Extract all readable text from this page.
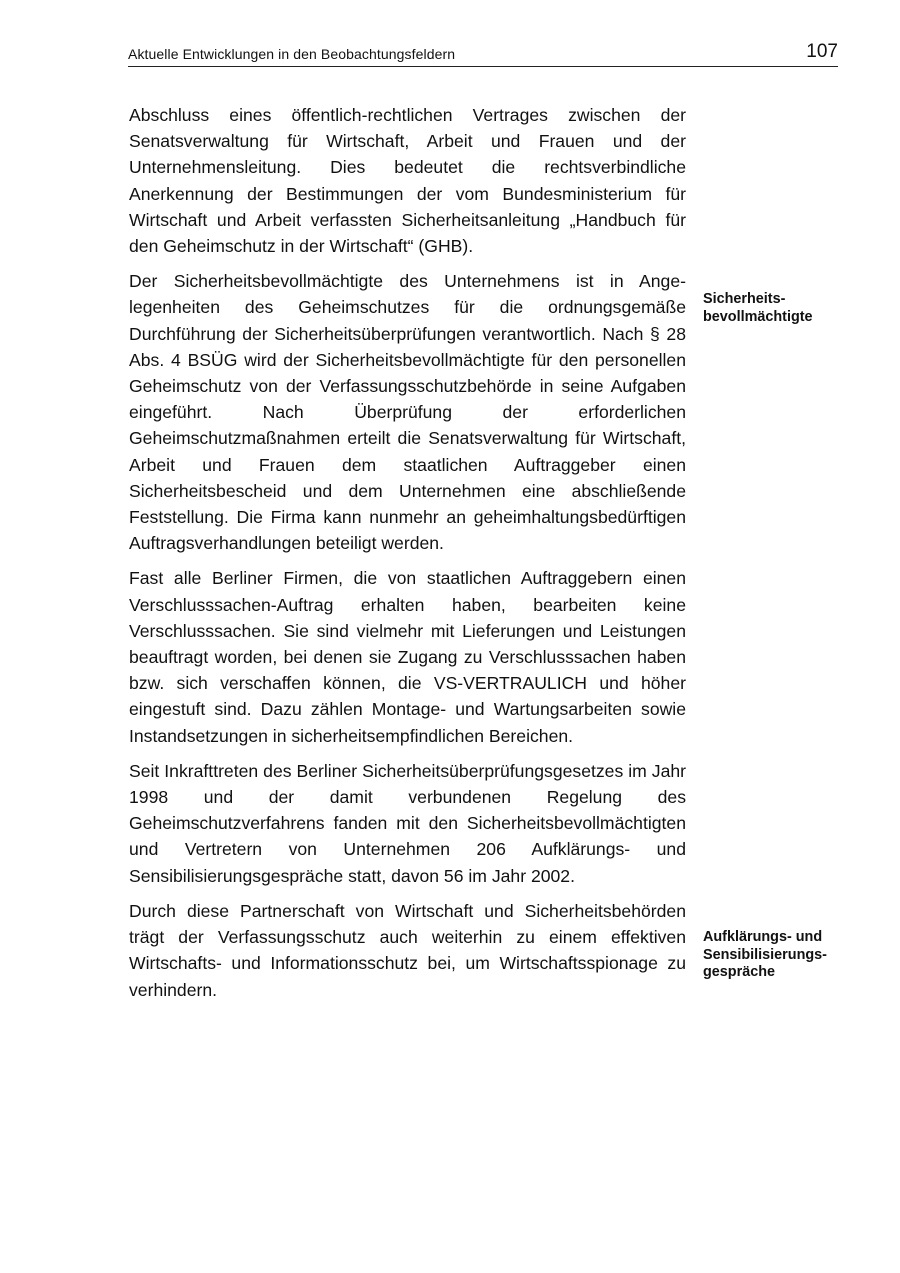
Aktuelle Entwicklungen in den Beobachtungsfeldern	107

Abschluss eines öffentlich-rechtlichen Vertrages zwischen der Senatsverwaltung für Wirtschaft, Arbeit und Frauen und der Unternehmensleitung. Dies bedeutet die rechtsverbindliche Anerkennung der Bestimmungen der vom Bundesministerium für Wirtschaft und Arbeit verfassten Sicherheitsanleitung „Handbuch für den Geheimschutz in der Wirtschaft“ (GHB).

Der Sicherheitsbevollmächtigte des Unternehmens ist in Angelegenheiten des Geheimschutzes für die ordnungsgemäße Durchführung der Sicherheitsüberprüfungen verantwortlich. Nach § 28 Abs. 4 BSÜG wird der Sicherheitsbevollmächtigte für den personellen Geheimschutz von der Verfassungsschutzbehörde in seine Aufgaben eingeführt. Nach Überprüfung der erforderlichen Geheimschutzmaßnahmen erteilt die Senatsverwaltung für Wirtschaft, Arbeit und Frauen dem staatlichen Auftraggeber einen Sicherheitsbescheid und dem Unternehmen eine abschließende Feststellung. Die Firma kann nunmehr an geheimhaltungsbedürftigen Auftragsverhandlungen beteiligt werden.

Fast alle Berliner Firmen, die von staatlichen Auftraggebern einen Verschlusssachen-Auftrag erhalten haben, bearbeiten keine Verschlusssachen. Sie sind vielmehr mit Lieferungen und Leistungen beauftragt worden, bei denen sie Zugang zu Verschlusssachen haben bzw. sich verschaffen können, die VS-VERTRAULICH und höher eingestuft sind. Dazu zählen Montage- und Wartungsarbeiten sowie Instandsetzungen in sicherheitsempfindlichen Bereichen.

Seit Inkrafttreten des Berliner Sicherheitsüberprüfungsgesetzes im Jahr 1998 und der damit verbundenen Regelung des Geheimschutzverfahrens fanden mit den Sicherheitsbevollmächtigten und Vertretern von Unternehmen 206 Aufklärungs- und Sensibilisierungsgespräche statt, davon 56 im Jahr 2002.

Durch diese Partnerschaft von Wirtschaft und Sicherheitsbehörden trägt der Verfassungsschutz auch weiterhin zu einem effektiven Wirtschafts- und Informationsschutz bei, um Wirtschaftsspionage zu verhindern.

Sicherheits-
bevollmächtigte
Aufklärungs- und
Sensibilisierungs-
gespräche
